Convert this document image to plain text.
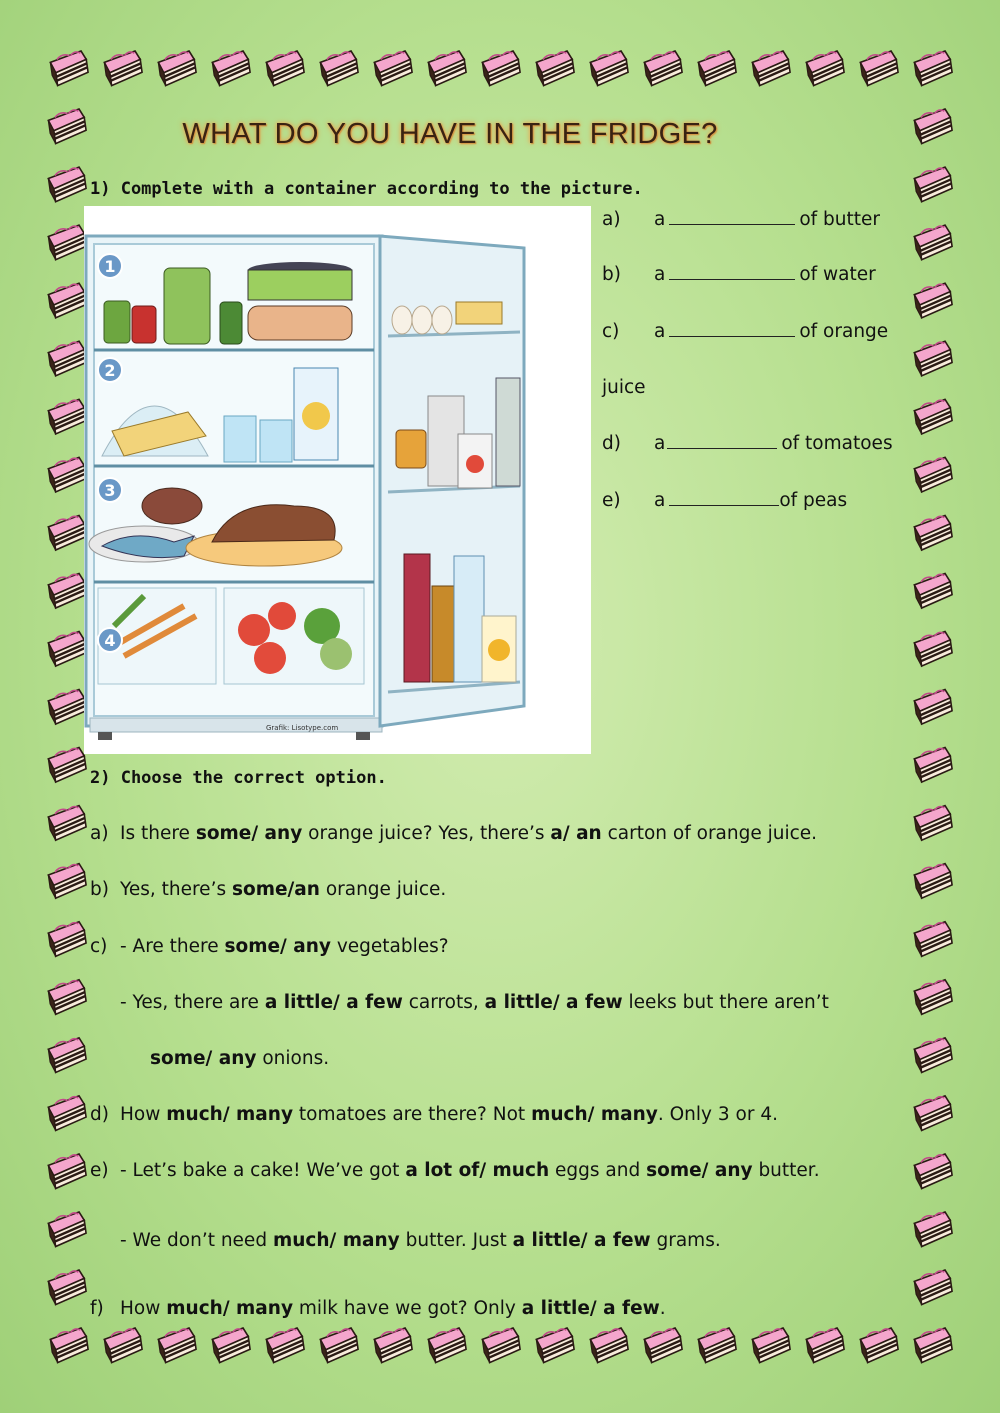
WHAT DO YOU HAVE IN THE FRIDGE?
1) Complete with a container according to the picture.
1
2
3
4
Grafik: Lisotype.com
a) a	of butter
b) a	of water
c) a	of orange
juice
d) a	of tomatoes
e) a	of peas
2) Choose the correct option.
a) Is there some/ any orange juice? Yes, there’s a/ an carton of orange juice.
b) Yes, there’s some/an orange juice.
c) - Are there some/ any vegetables?
- Yes, there are a little/ a few carrots, a little/ a few leeks but there aren’t
some/ any onions.
d) How much/ many tomatoes are there? Not much/ many. Only 3 or 4.
e) - Let’s bake a cake! We’ve got a lot of/ much eggs and some/ any butter.
- We don’t need much/ many butter. Just a little/ a few grams.
f) How much/ many milk have we got? Only a little/ a few.
